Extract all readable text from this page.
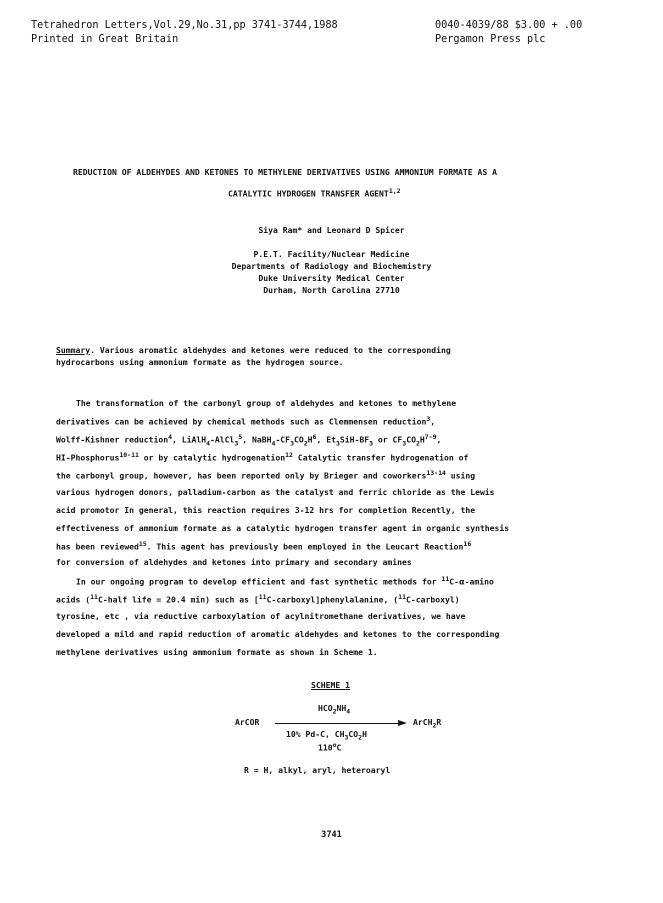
Tetrahedron Letters,Vol.29,No.31,pp 3741-3744,1988	0040-4039/88 $3.00 + .00
Printed in Great Britain	Pergamon Press plc
REDUCTION OF ALDEHYDES AND KETONES TO METHYLENE DERIVATIVES USING AMMONIUM FORMATE AS A
CATALYTIC HYDROGEN TRANSFER AGENT$^{1,2}$
Siya Ram* and Leonard D Spicer
P.E.T. Facility/Nuclear Medicine
Departments of Radiology and Biochemistry
Duke University Medical Center
Durham, North Carolina 27710
Summary. Various aromatic aldehydes and ketones were reduced to the corresponding
hydrocarbons using ammonium formate as the hydrogen source.
The transformation of the carbonyl group of aldehydes and ketones to methylene
derivatives can be achieved by chemical methods such as Clemmensen reduction$^3$,
Wolff-Kishner reduction$^4$, LiAlH$_4$-AlCl$_3^5$, $NaBH_4-CF_3CO_2H^6$, $Et_3SiH-BF_3$ or $CF_3CO_2H^{7-9}$,
HI-Phosphorus$^{10-11}$ or by catalytic hydrogenation$^{12}$ Catalytic transfer hydrogenation of
the carbonyl group, however, has been reported only by Brieger and coworkers$^{13-14}$ using
various hydrogen donors, palladium-carbon as the catalyst and ferric chloride as the Lewis
acid promotor In general, this reaction requires 3-12 hrs for completion Recently, the
effectiveness of ammonium formate as a catalytic hydrogen transfer agent in organic synthesis
has been reviewed$^{15}$. This agent has previously been employed in the Leucart Reaction$^{16}$
for conversion of aldehydes and ketones into primary and secondary amines
In our ongoing program to develop efficient and fast synthetic methods for $^{11}$C-α-amino
acids ($^{11}$C-half life = 20.4 min) such as [$^{11}$C-carboxyl]phenylalanine, ($^{11}$C-carboxyl)
tyrosine, etc , via reductive carboxylation of acylnitromethane derivatives, we have
developed a mild and rapid reduction of aromatic aldehydes and ketones to the corresponding
methylene derivatives using ammonium formate as shown in Scheme 1.
SCHEME 1
$HCO_2NH_4$
ArCOR	ArCH$_2$R
10% Pd-C, $CH_3CO_2H$
110$^o$C
R = H, alkyl, aryl, heteroaryl
3741
